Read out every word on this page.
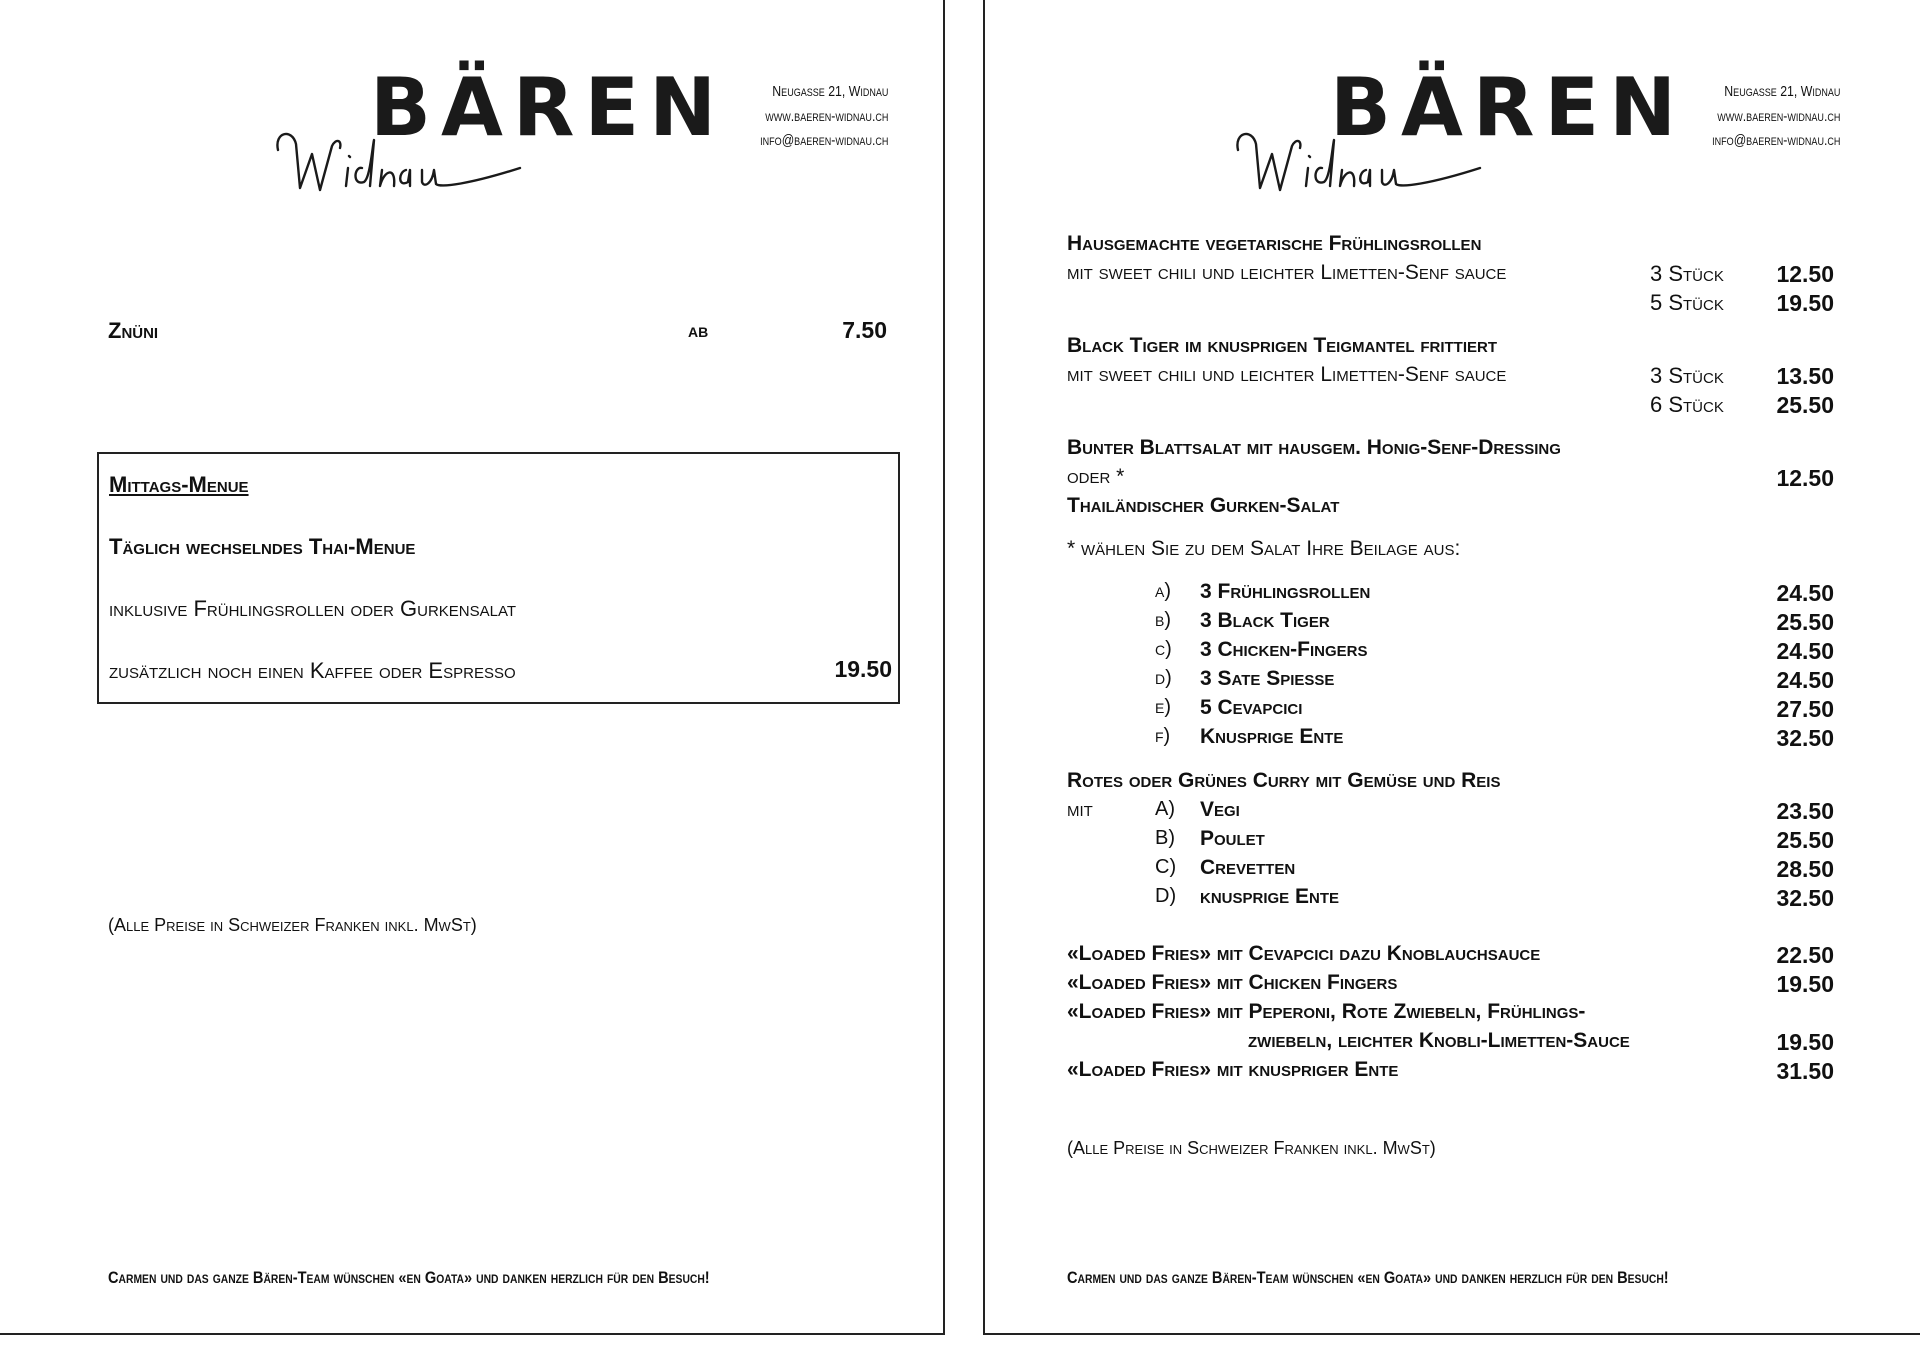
BÄREN	Neugasse 21, Widnau
www.baeren-widnau.ch
info@baeren-widnau.ch
Znüni	ab	7.50
Mittags-Menue
Täglich wechselndes Thai-Menue
inklusive Frühlingsrollen oder Gurkensalat
zusätzlich noch einen Kaffee oder Espresso	19.50
(Alle Preise in Schweizer Franken inkl. MwSt)
Carmen und das ganze Bären-Team wünschen «en Goata» und danken herzlich für den Besuch!
BÄREN	Neugasse 21, Widnau
www.baeren-widnau.ch
info@baeren-widnau.ch
Hausgemachte vegetarische Frühlingsrollen
mit sweet chili und leichter Limetten-Senf sauce	3 Stück 12.50
5 Stück 19.50
Black Tiger im knusprigen Teigmantel frittiert
mit sweet chili und leichter Limetten-Senf sauce	3 Stück 13.50
6 Stück 25.50
Bunter Blattsalat mit hausgem. Honig-Senf-Dressing
oder *	12.50
Thailändischer Gurken-Salat
* wählen Sie zu dem Salat Ihre Beilage aus:
a) 3 Frühlingsrollen	24.50
b) 3 Black Tiger	25.50
c) 3 Chicken-Fingers	24.50
d) 3 Sate Spiesse	24.50
e) 5 Cevapcici	27.50
f) Knusprige Ente	32.50
Rotes oder Grünes Curry mit Gemüse und Reis
mit	A) Vegi	23.50
B) Poulet	25.50
C) Crevetten	28.50
D) knusprige Ente	32.50
«Loaded Fries» mit Cevapcici dazu Knoblauchsauce	22.50
«Loaded Fries» mit Chicken Fingers	19.50
«Loaded Fries» mit Peperoni, Rote Zwiebeln, Frühlings-
zwiebeln, leichter Knobli-Limetten-Sauce	19.50
«Loaded Fries» mit knuspriger Ente	31.50
(Alle Preise in Schweizer Franken inkl. MwSt)
Carmen und das ganze Bären-Team wünschen «en Goata» und danken herzlich für den Besuch!
